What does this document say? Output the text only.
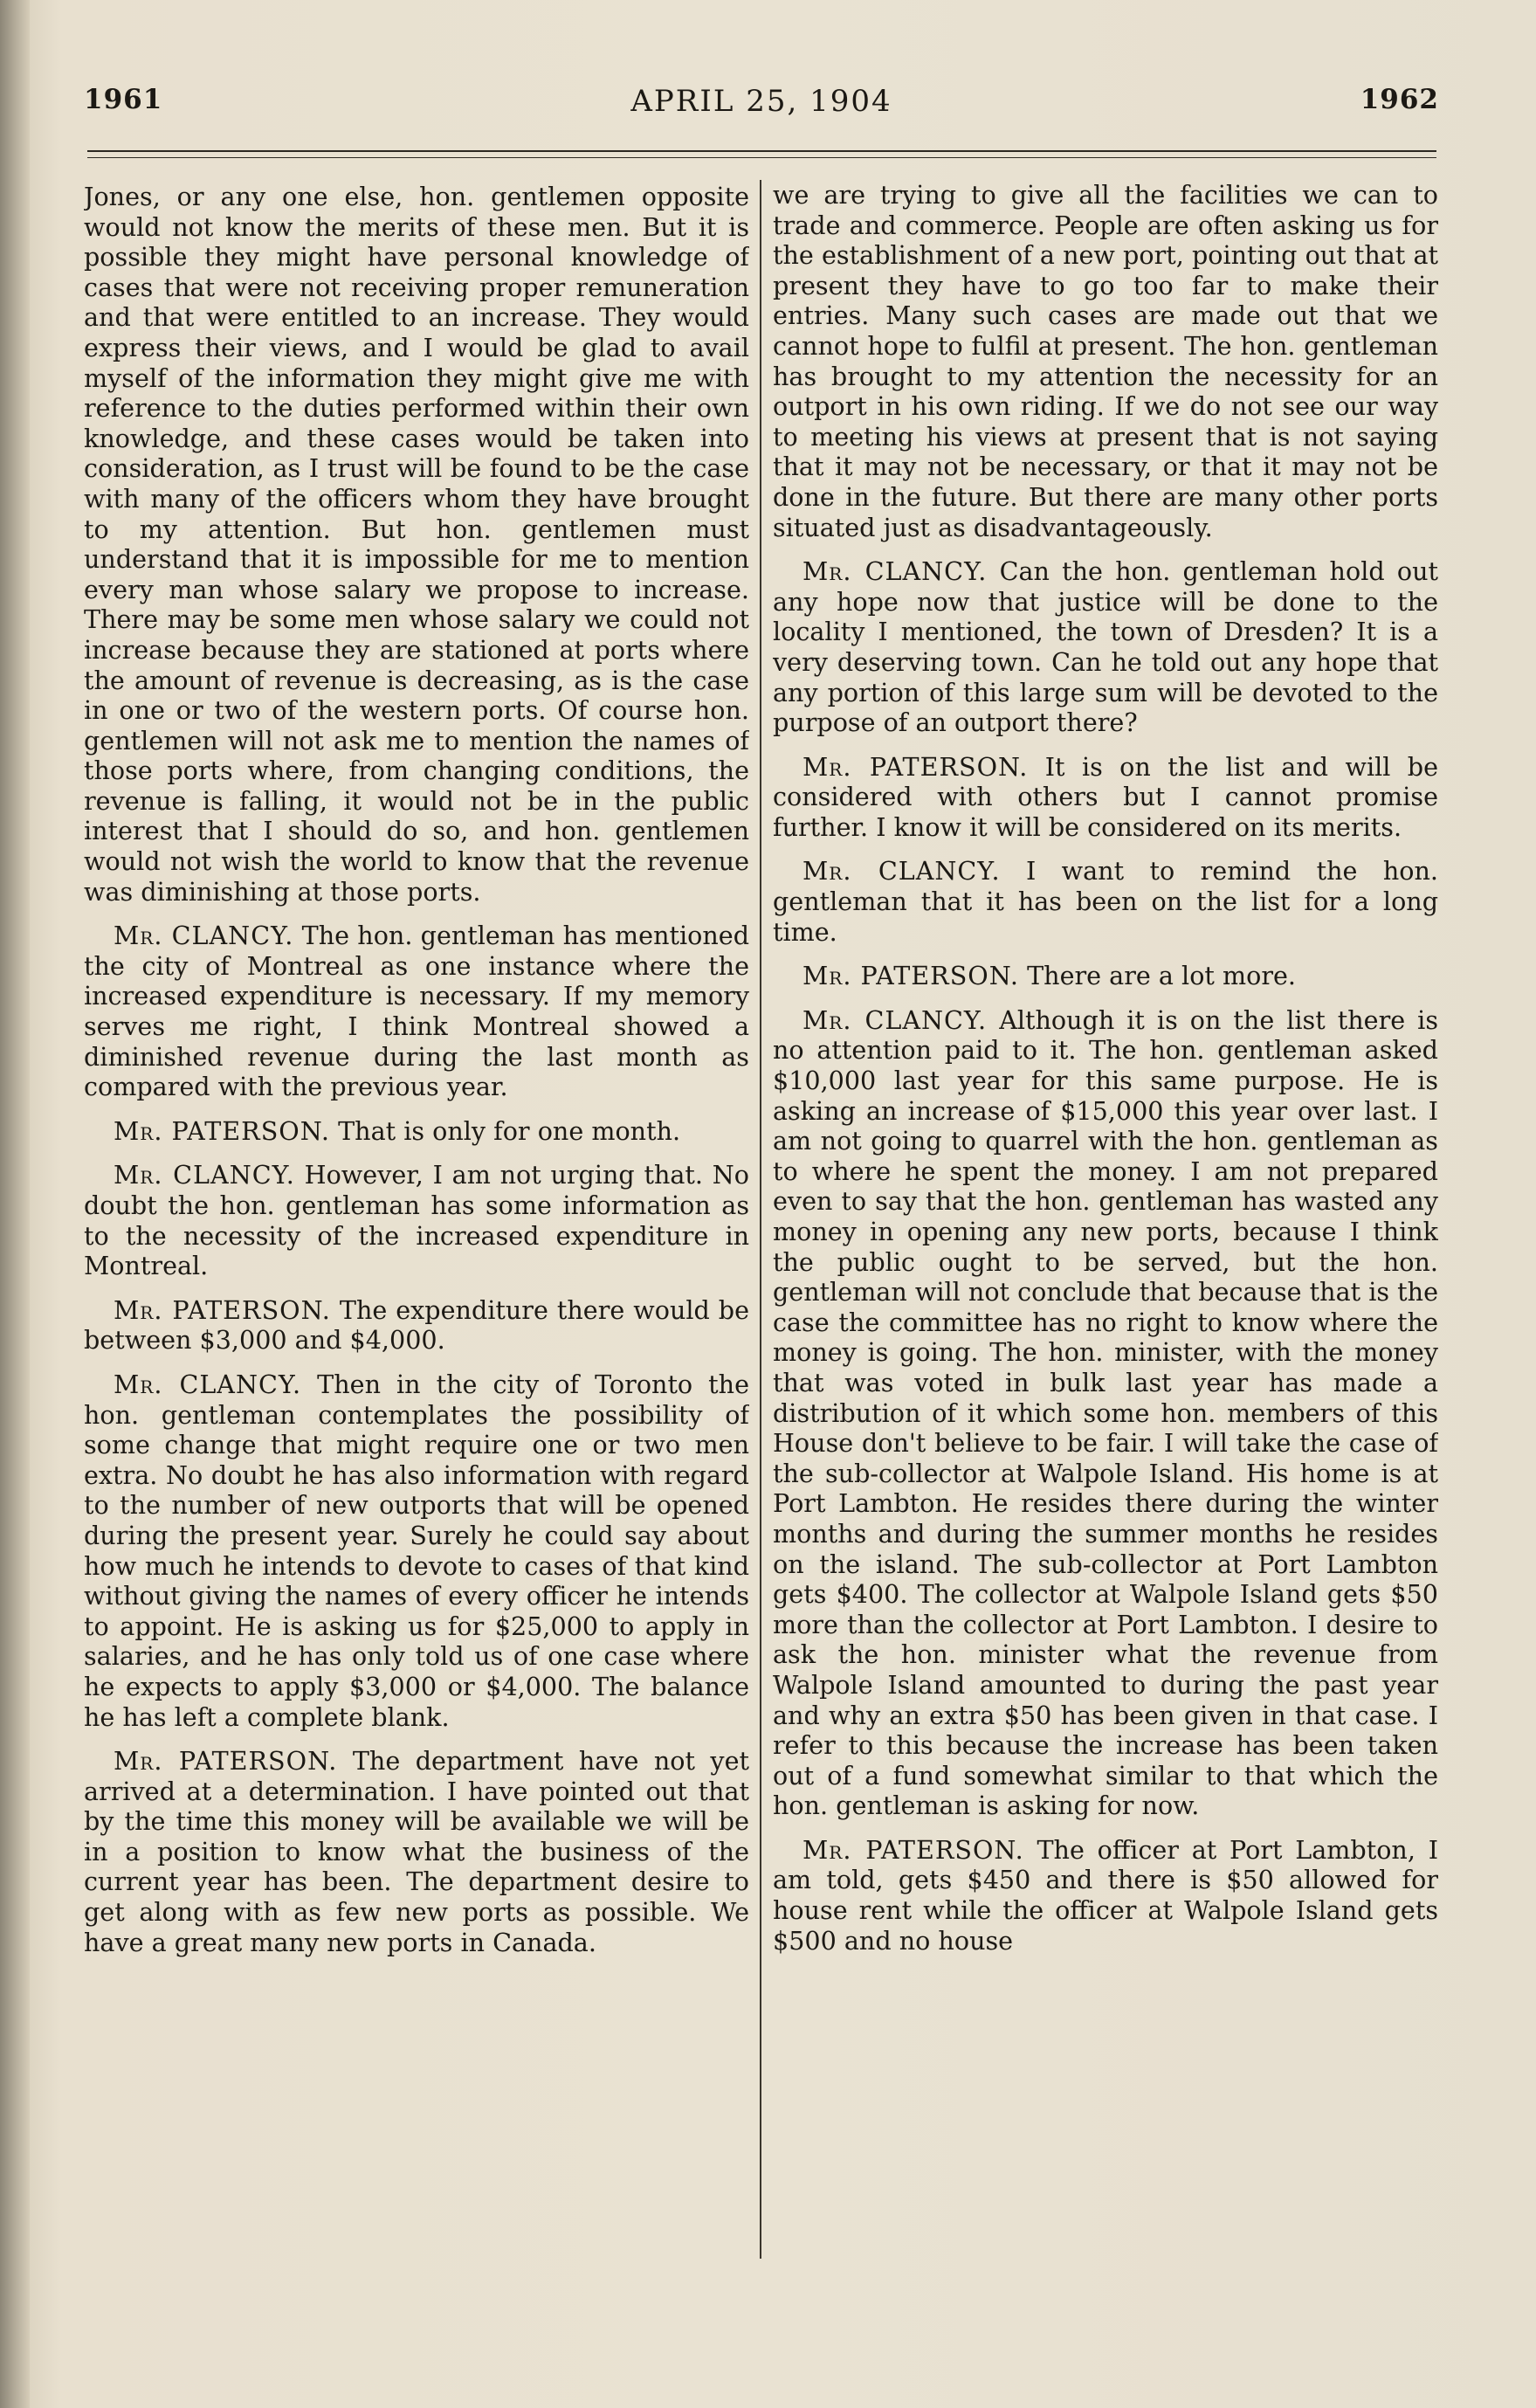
APRIL 25, 1904
1961	1962

Jones, or any one else, hon. gentlemen opposite would not know the merits of these men. But it is possible they might have personal knowledge of cases that were not receiving proper remuneration and that were entitled to an increase. They would express their views, and I would be glad to avail myself of the information they might give me with reference to the duties performed within their own knowledge, and these cases would be taken into consideration, as I trust will be found to be the case with many of the officers whom they have brought to my attention. But hon. gentlemen must understand that it is impossible for me to mention every man whose salary we propose to increase. There may be some men whose salary we could not increase because they are stationed at ports where the amount of revenue is decreasing, as is the case in one or two of the western ports. Of course hon. gentlemen will not ask me to mention the names of those ports where, from changing conditions, the revenue is falling, it would not be in the public interest that I should do so, and hon. gentlemen would not wish the world to know that the revenue was diminishing at those ports.

Mr. CLANCY. The hon. gentleman has mentioned the city of Montreal as one instance where the increased expenditure is necessary. If my memory serves me right, I think Montreal showed a diminished revenue during the last month as compared with the previous year.

Mr. PATERSON. That is only for one month.

Mr. CLANCY. However, I am not urging that. No doubt the hon. gentleman has some information as to the necessity of the increased expenditure in Montreal.

Mr. PATERSON. The expenditure there would be between $3,000 and $4,000.

Mr. CLANCY. Then in the city of Toronto the hon. gentleman contemplates the possibility of some change that might require one or two men extra. No doubt he has also information with regard to the number of new outports that will be opened during the present year. Surely he could say about how much he intends to devote to cases of that kind without giving the names of every officer he intends to appoint. He is asking us for $25,000 to apply in salaries, and he has only told us of one case where he expects to apply $3,000 or $4,000. The balance he has left a complete blank.

Mr. PATERSON. The department have not yet arrived at a determination. I have pointed out that by the time this money will be available we will be in a position to know what the business of the current year has been. The department desire to get along with as few new ports as possible. We have a great many new ports in Canada.

we are trying to give all the facilities we can to trade and commerce. People are often asking us for the establishment of a new port, pointing out that at present they have to go too far to make their entries. Many such cases are made out that we cannot hope to fulfil at present. The hon. gentleman has brought to my attention the necessity for an outport in his own riding. If we do not see our way to meeting his views at present that is not saying that it may not be necessary, or that it may not be done in the future. But there are many other ports situated just as disadvantageously.

Mr. CLANCY. Can the hon. gentleman hold out any hope now that justice will be done to the locality I mentioned, the town of Dresden? It is a very deserving town. Can he told out any hope that any portion of this large sum will be devoted to the purpose of an outport there?

Mr. PATERSON. It is on the list and will be considered with others but I cannot promise further. I know it will be considered on its merits.

Mr. CLANCY. I want to remind the hon. gentleman that it has been on the list for a long time.

Mr. PATERSON. There are a lot more.

Mr. CLANCY. Although it is on the list there is no attention paid to it. The hon. gentleman asked $10,000 last year for this same purpose. He is asking an increase of $15,000 this year over last. I am not going to quarrel with the hon. gentleman as to where he spent the money. I am not prepared even to say that the hon. gentleman has wasted any money in opening any new ports, because I think the public ought to be served, but the hon. gentleman will not conclude that because that is the case the committee has no right to know where the money is going. The hon. minister, with the money that was voted in bulk last year has made a distribution of it which some hon. members of this House don't believe to be fair. I will take the case of the sub-collector at Walpole Island. His home is at Port Lambton. He resides there during the winter months and during the summer months he resides on the island. The sub-collector at Port Lambton gets $400. The collector at Walpole Island gets $50 more than the collector at Port Lambton. I desire to ask the hon. minister what the revenue from Walpole Island amounted to during the past year and why an extra $50 has been given in that case. I refer to this because the increase has been taken out of a fund somewhat similar to that which the hon. gentleman is asking for now.

Mr. PATERSON. The officer at Port Lambton, I am told, gets $450 and there is $50 allowed for house rent while the officer at Walpole Island gets $500 and no house
